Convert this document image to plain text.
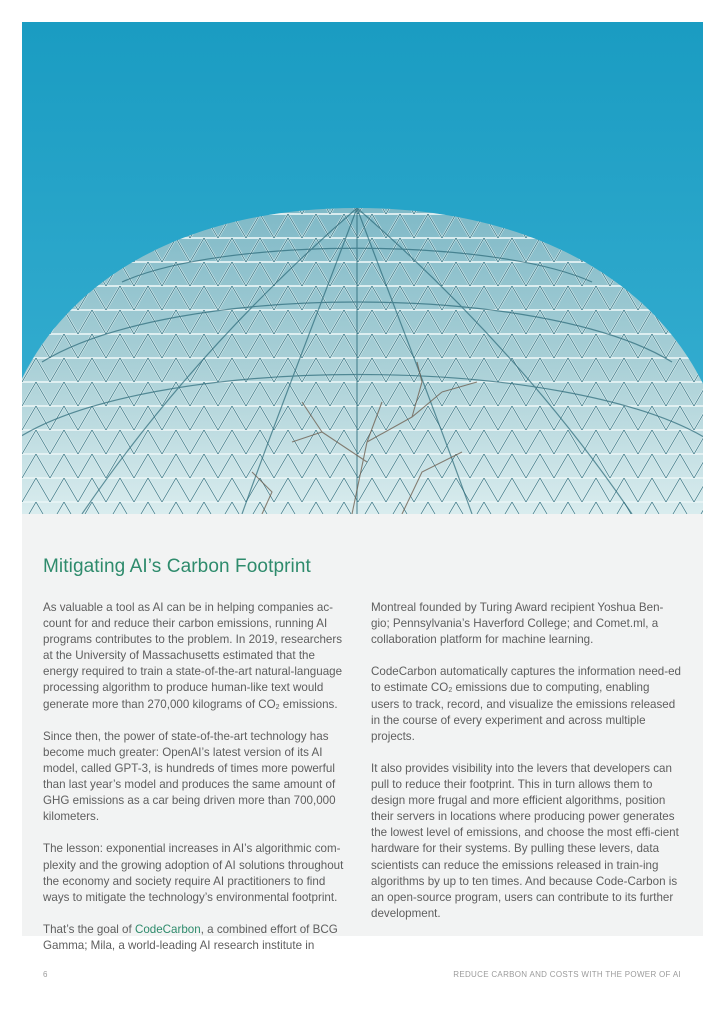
Mitigating AI’s Carbon Footprint

As valuable a tool as AI can be in helping companies ac-count for and reduce their carbon emissions, running AI programs contributes to the problem. In 2019, researchers at the University of Massachusetts estimated that the energy required to train a state-of-the-art natural-language processing algorithm to produce human-like text would generate more than 270,000 kilograms of $CO_2$ emissions.

Since then, the power of state-of-the-art technology has become much greater: OpenAI’s latest version of its AI model, called GPT-3, is hundreds of times more powerful than last year’s model and produces the same amount of GHG emissions as a car being driven more than 700,000 kilometers.

The lesson: exponential increases in AI’s algorithmic com-plexity and the growing adoption of AI solutions throughout the economy and society require AI practitioners to find ways to mitigate the technology’s environmental footprint.

That’s the goal of CodeCarbon, a combined effort of BCG Gamma; Mila, a world-leading AI research institute in

Montreal founded by Turing Award recipient Yoshua Ben-gio; Pennsylvania’s Haverford College; and Comet.ml, a collaboration platform for machine learning.

CodeCarbon automatically captures the information need-ed to estimate $CO_2$ emissions due to computing, enabling users to track, record, and visualize the emissions released in the course of every experiment and across multiple projects.

It also provides visibility into the levers that developers can pull to reduce their footprint. This in turn allows them to design more frugal and more efficient algorithms, position their servers in locations where producing power generates the lowest level of emissions, and choose the most effi-cient hardware for their systems. By pulling these levers, data scientists can reduce the emissions released in train-ing algorithms by up to ten times. And because Code-Carbon is an open-source program, users can contribute to its further development.

6	REDUCE CARBON AND COSTS WITH THE POWER OF AI
